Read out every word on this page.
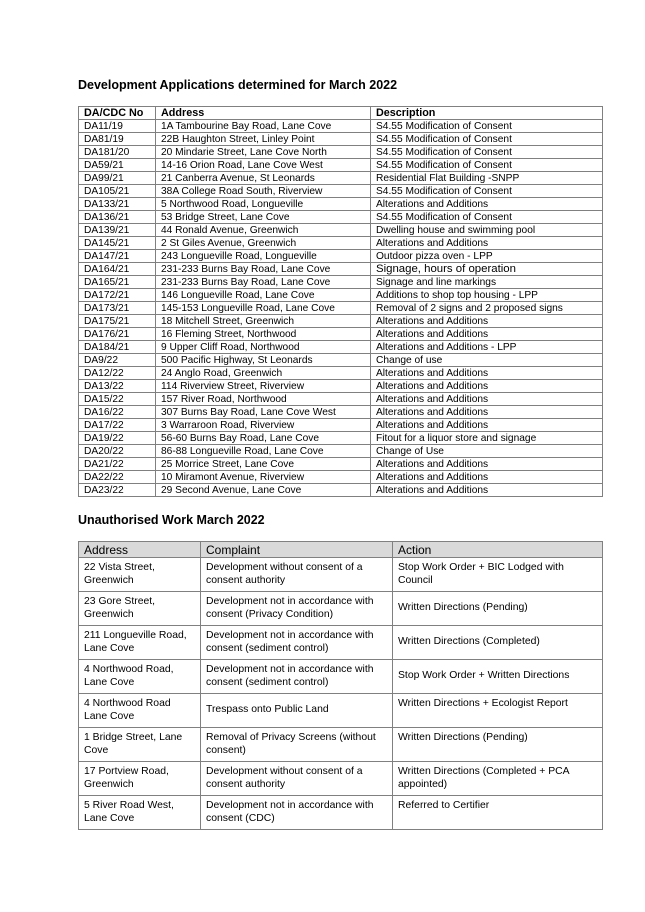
Development Applications determined for March 2022
DA/CDC No	Address	Description
DA11/19	1A Tambourine Bay Road, Lane Cove	S4.55 Modification of Consent
DA81/19	22B Haughton Street, Linley Point	S4.55 Modification of Consent
DA181/20	20 Mindarie Street, Lane Cove North	S4.55 Modification of Consent
DA59/21	14-16 Orion Road, Lane Cove West	S4.55 Modification of Consent
DA99/21	21 Canberra Avenue, St Leonards	Residential Flat Building -SNPP
DA105/21	38A College Road South, Riverview	S4.55 Modification of Consent
DA133/21	5 Northwood Road, Longueville	Alterations and Additions
DA136/21	53 Bridge Street, Lane Cove	S4.55 Modification of Consent
DA139/21	44 Ronald Avenue, Greenwich	Dwelling house and swimming pool
DA145/21	2 St Giles Avenue, Greenwich	Alterations and Additions
DA147/21	243 Longueville Road, Longueville	Outdoor pizza oven - LPP
DA164/21	231-233 Burns Bay Road, Lane Cove	Signage, hours of operation
DA165/21	231-233 Burns Bay Road, Lane Cove	Signage and line markings
DA172/21	146 Longueville Road, Lane Cove	Additions to shop top housing - LPP
DA173/21	145-153 Longueville Road, Lane Cove	Removal of 2 signs and 2 proposed signs
DA175/21	18 Mitchell Street, Greenwich	Alterations and Additions
DA176/21	16 Fleming Street, Northwood	Alterations and Additions
DA184/21	9 Upper Cliff Road, Northwood	Alterations and Additions - LPP
DA9/22	500 Pacific Highway, St Leonards	Change of use
DA12/22	24 Anglo Road, Greenwich	Alterations and Additions
DA13/22	114 Riverview Street, Riverview	Alterations and Additions
DA15/22	157 River Road, Northwood	Alterations and Additions
DA16/22	307 Burns Bay Road, Lane Cove West	Alterations and Additions
DA17/22	3 Warraroon Road, Riverview	Alterations and Additions
DA19/22	56-60 Burns Bay Road, Lane Cove	Fitout for a liquor store and signage
DA20/22	86-88 Longueville Road, Lane Cove	Change of Use
DA21/22	25 Morrice Street, Lane Cove	Alterations and Additions
DA22/22	10 Miramont Avenue, Riverview	Alterations and Additions
DA23/22	29 Second Avenue, Lane Cove	Alterations and Additions
Unauthorised Work March 2022
Address	Complaint	Action
22 Vista Street, Greenwich	Development without consent of a consent authority	Stop Work Order + BIC Lodged with Council
23 Gore Street, Greenwich	Development not in accordance with consent (Privacy Condition)	Written Directions (Pending)
211 Longueville Road, Lane Cove	Development not in accordance with consent (sediment control)	Written Directions (Completed)
4 Northwood Road, Lane Cove	Development not in accordance with consent (sediment control)	Stop Work Order + Written Directions
4 Northwood Road Lane Cove	Trespass onto Public Land	Written Directions + Ecologist Report
1 Bridge Street, Lane Cove	Removal of Privacy Screens (without consent)	Written Directions (Pending)
17 Portview Road, Greenwich	Development without consent of a consent authority	Written Directions (Completed + PCA appointed)
5 River Road West, Lane Cove	Development not in accordance with consent (CDC)	Referred to Certifier
